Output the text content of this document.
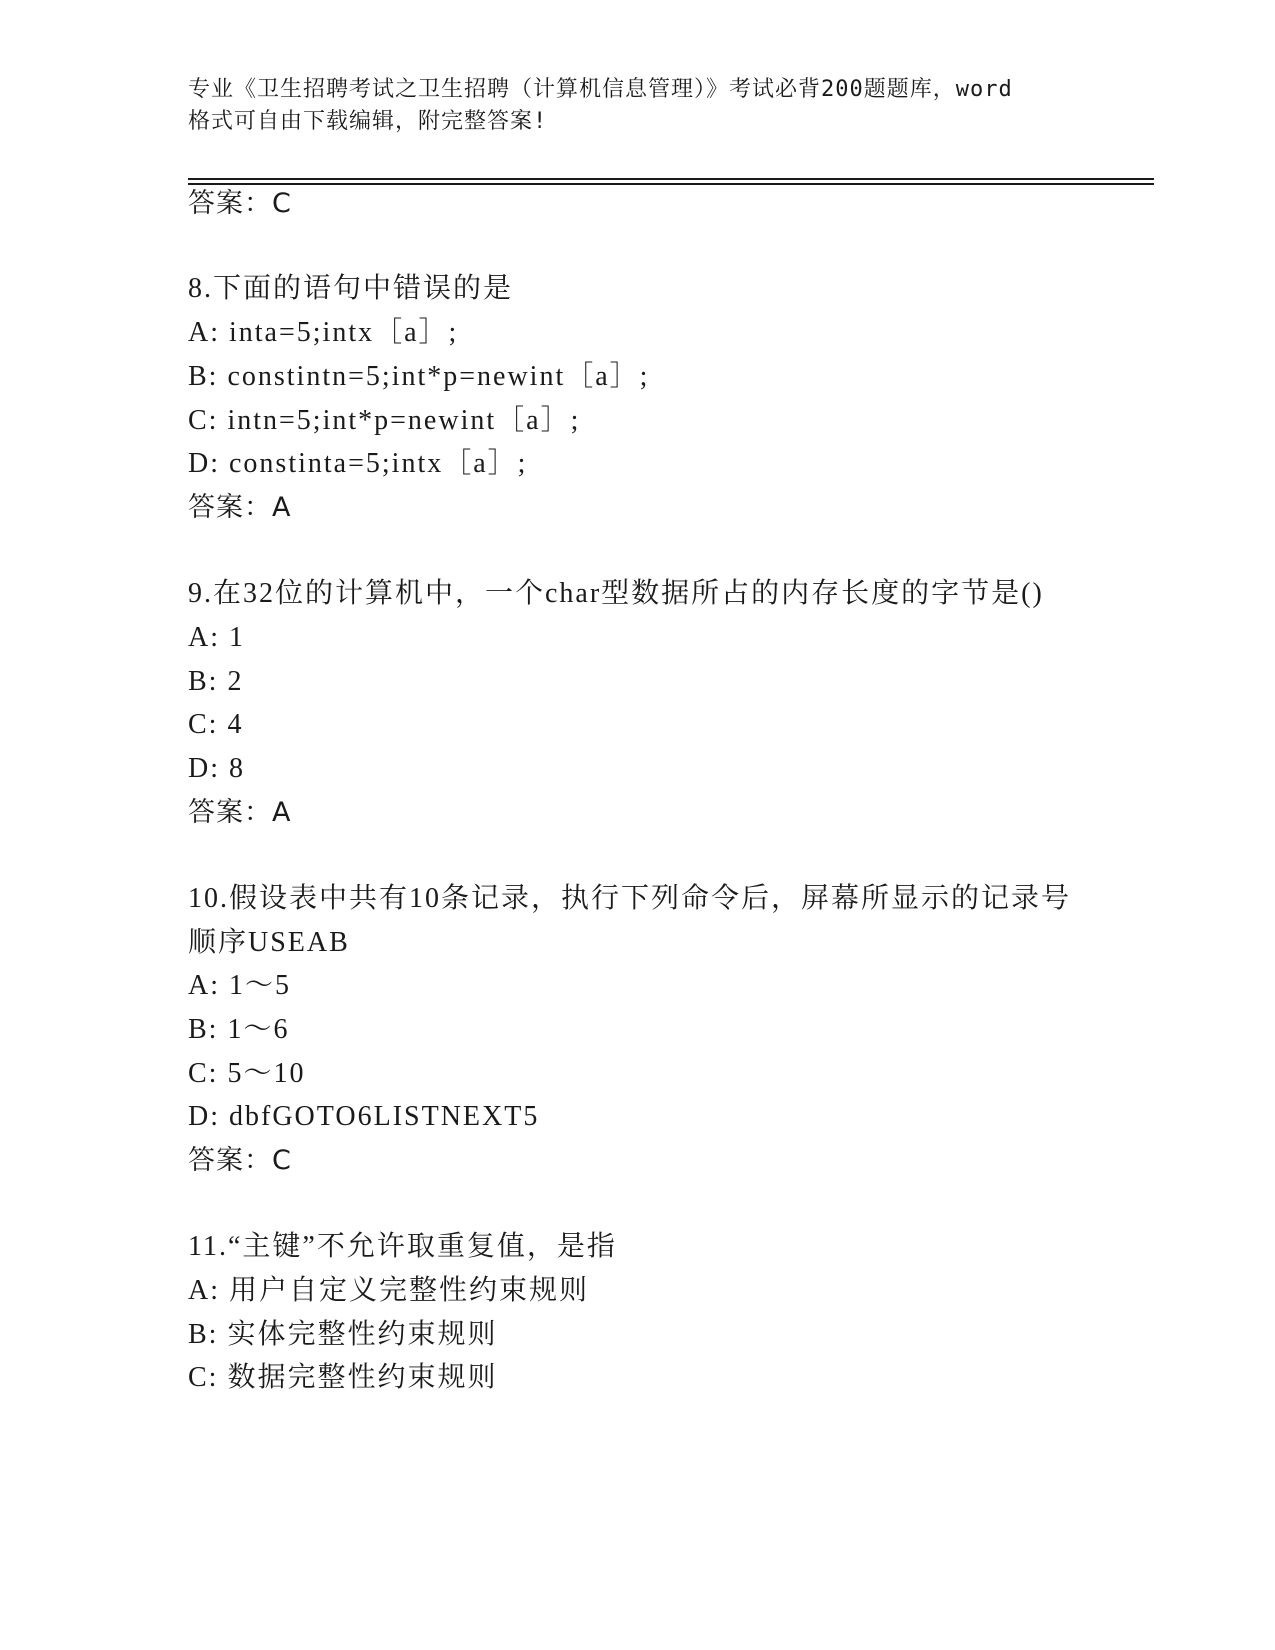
专业《卫生招聘考试之卫生招聘（计算机信息管理）》考试必背200题题库，word
格式可自由下载编辑，附完整答案!
答案：C
8.下面的语句中错误的是
A: inta=5;intx［a］;
B: constintn=5;int*p=newint［a］;
C: intn=5;int*p=newint［a］;
D: constinta=5;intx［a］;
答案：A
9.在32位的计算机中，一个char型数据所占的内存长度的字节是()
A: 1
B: 2
C: 4
D: 8
答案：A
10.假设表中共有10条记录，执行下列命令后，屏幕所显示的记录号
顺序USEAB
A: 1～5
B: 1～6
C: 5～10
D: dbfGOTO6LISTNEXT5
答案：C
11.“主键”不允许取重复值，是指
A: 用户自定义完整性约束规则
B: 实体完整性约束规则
C: 数据完整性约束规则
